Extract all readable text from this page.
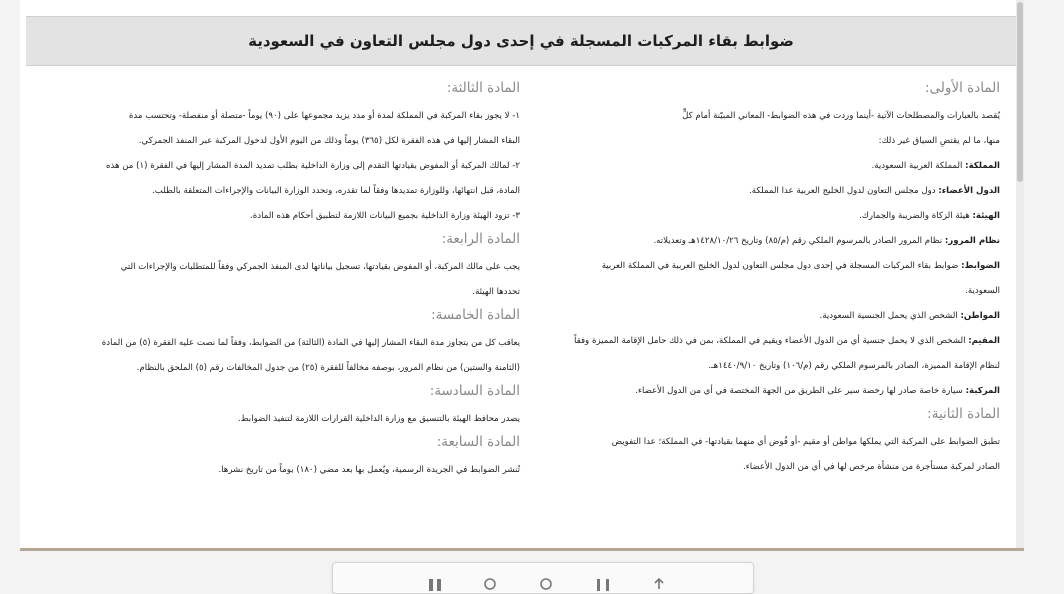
ضوابط بقاء المركبات المسجلة في إحدى دول مجلس التعاون في السعودية
المادة الأولى:

يُقصد بالعبارات والمصطلحات الآتية -أينما وردت في هذه الضوابط- المعاني المبيّنة أمام كلٍّ

منها، ما لم يقتضِ السياق غير ذلك:

المملكة: المملكة العربية السعودية.

الدول الأعضاء: دول مجلس التعاون لدول الخليج العربية عدا المملكة.

الهيئة: هيئة الزكاة والضريبة والجمارك.

نظام المرور: نظام المرور الصادر بالمرسوم الملكي رقم (م/٨٥) وتاريخ ١٤٢٨/١٠/٢٦هـ وتعديلاته.

الضوابط: ضوابط بقاء المركبات المسجلة في إحدى دول مجلس التعاون لدول الخليج العربية في المملكة العربية

السعودية.

المواطن: الشخص الذي يحمل الجنسية السعودية.

المقيم: الشخص الذي لا يحمل جنسية أي من الدول الأعضاء ويقيم في المملكة، بمن في ذلك حامل الإقامة المميزة وفقاً

لنظام الإقامة المميزة، الصادر بالمرسوم الملكي رقم (م/١٠٦) وتاريخ ١٤٤٠/٩/١٠هـ.

المركبة: سيارة خاصة صادر لها رخصة سير على الطريق من الجهة المختصة في أي من الدول الأعضاء.

المادة الثانية:

تطبق الضوابط على المركبة التي يملكها مواطن أو مقيم -أو فُوض أي منهما بقيادتها- في المملكة؛ عدا التفويض

الصادر لمركبة مستأجرة من منشأة مرخص لها في أي من الدول الأعضاء.

المادة الثالثة:

١- لا يجوز بقاء المركبة في المملكة لمدة أو مدد يزيد مجموعها على (٩٠) يوماً -متصلة أو منفصلة- وتحتسب مدة

البقاء المشار إليها في هذه الفقرة لكل (٣٦٥) يوماً وذلك من اليوم الأول لدخول المركبة عبر المنفذ الجمركي.

٢- لمالك المركبة أو المفوض بقيادتها التقدم إلى وزارة الداخلية بطلب تمديد المدة المشار إليها في الفقرة (١) من هذه

المادة، قبل انتهائها، وللوزارة تمديدها وفقاً لما تقدره، وتحدد الوزارة البيانات والإجراءات المتعلقة بالطلب.

٣- تزود الهيئة وزارة الداخلية بجميع البيانات اللازمة لتطبيق أحكام هذه المادة.

المادة الرابعة:

يجب على مالك المركبة، أو المفوض بقيادتها، تسجيل بياناتها لدى المنفذ الجمركي وفقاً للمتطلبات والإجراءات التي

تحددها الهيئة.

المادة الخامسة:

يعاقب كل من يتجاوز مدة البقاء المشار إليها في المادة (الثالثة) من الضوابط، وفقاً لما نصت عليه الفقرة (٥) من المادة

(الثامنة والستين) من نظام المرور، بوصفه مخالفاً للفقرة (٢٥) من جدول المخالفات رقم (٥) الملحق بالنظام.

المادة السادسة:

يصدر محافظ الهيئة بالتنسيق مع وزارة الداخلية القرارات اللازمة لتنفيذ الضوابط.

المادة السابعة:

تُنشر الضوابط في الجريدة الرسمية، ويُعمل بها بعد مضي (١٨٠) يوماً من تاريخ نشرها.
